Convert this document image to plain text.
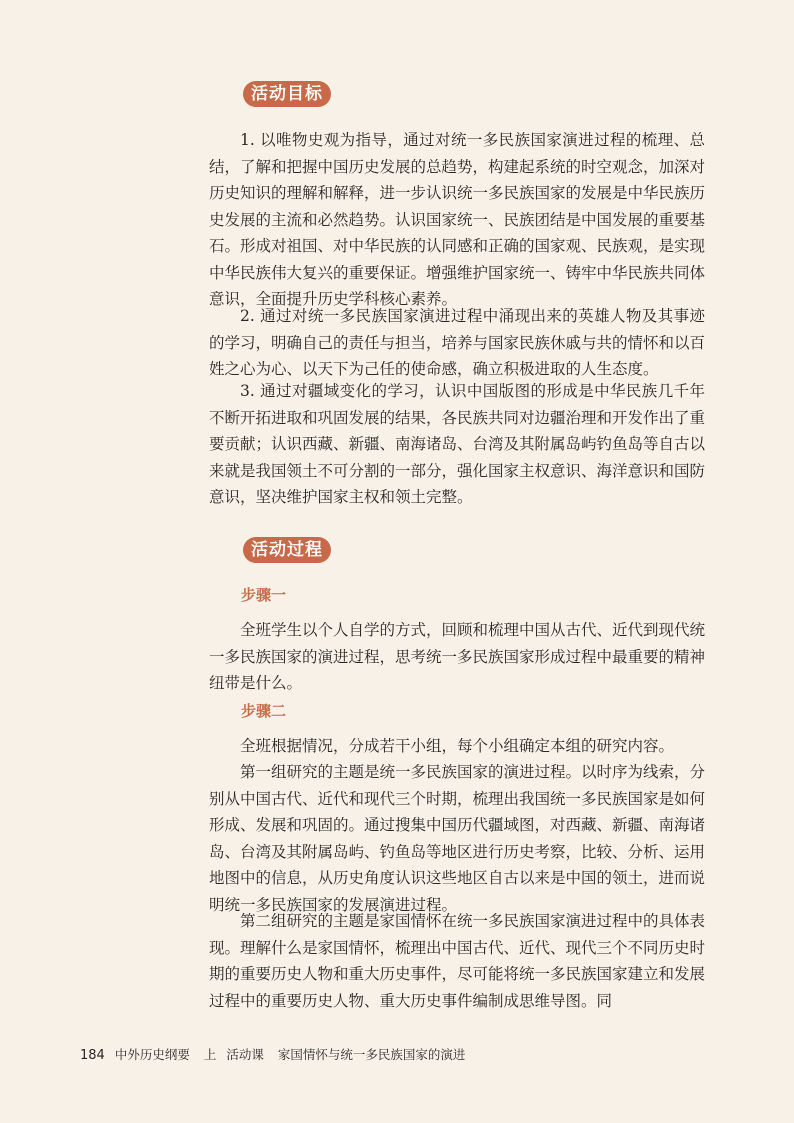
活动目标

1. 以唯物史观为指导，通过对统一多民族国家演进过程的梳理、总结，了解和把握中国历史发展的总趋势，构建起系统的时空观念，加深对历史知识的理解和解释，进一步认识统一多民族国家的发展是中华民族历史发展的主流和必然趋势。认识国家统一、民族团结是中国发展的重要基石。形成对祖国、对中华民族的认同感和正确的国家观、民族观，是实现中华民族伟大复兴的重要保证。增强维护国家统一、铸牢中华民族共同体意识，全面提升历史学科核心素养。

2. 通过对统一多民族国家演进过程中涌现出来的英雄人物及其事迹的学习，明确自己的责任与担当，培养与国家民族休戚与共的情怀和以百姓之心为心、以天下为己任的使命感，确立积极进取的人生态度。

3. 通过对疆域变化的学习，认识中国版图的形成是中华民族几千年不断开拓进取和巩固发展的结果，各民族共同对边疆治理和开发作出了重要贡献；认识西藏、新疆、南海诸岛、台湾及其附属岛屿钓鱼岛等自古以来就是我国领土不可分割的一部分，强化国家主权意识、海洋意识和国防意识，坚决维护国家主权和领土完整。

活动过程

步骤一

全班学生以个人自学的方式，回顾和梳理中国从古代、近代到现代统一多民族国家的演进过程，思考统一多民族国家形成过程中最重要的精神纽带是什么。

步骤二

全班根据情况，分成若干小组，每个小组确定本组的研究内容。

第一组研究的主题是统一多民族国家的演进过程。以时序为线索，分别从中国古代、近代和现代三个时期，梳理出我国统一多民族国家是如何形成、发展和巩固的。通过搜集中国历代疆域图，对西藏、新疆、南海诸岛、台湾及其附属岛屿、钓鱼岛等地区进行历史考察，比较、分析、运用地图中的信息，从历史角度认识这些地区自古以来是中国的领土，进而说明统一多民族国家的发展演进过程。

第二组研究的主题是家国情怀在统一多民族国家演进过程中的具体表现。理解什么是家国情怀，梳理出中国古代、近代、现代三个不同历史时期的重要历史人物和重大历史事件，尽可能将统一多民族国家建立和发展过程中的重要历史人物、重大历史事件编制成思维导图。同

184 中外历史纲要 上 活动课 家国情怀与统一多民族国家的演进
